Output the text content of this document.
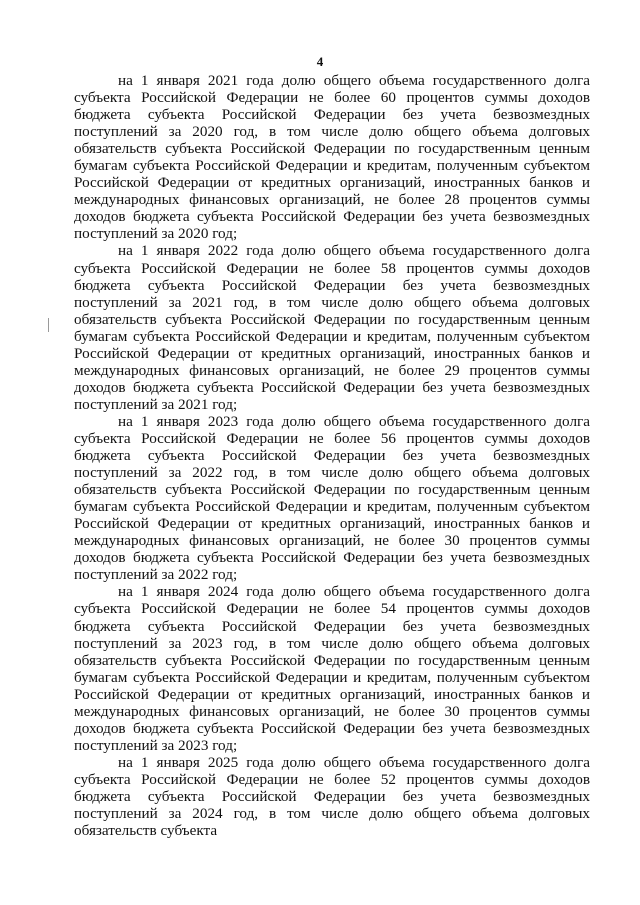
4

на 1 января 2021 года долю общего объема государственного долга субъекта Российской Федерации не более 60 процентов суммы доходов бюджета субъекта Российской Федерации без учета безвозмездных поступлений за 2020 год, в том числе долю общего объема долговых обязательств субъекта Российской Федерации по государственным ценным бумагам субъекта Российской Федерации и кредитам, полученным субъектом Российской Федерации от кредитных организаций, иностранных банков и международных финансовых организаций, не более 28 процентов суммы доходов бюджета субъекта Российской Федерации без учета безвозмездных поступлений за 2020 год;

на 1 января 2022 года долю общего объема государственного долга субъекта Российской Федерации не более 58 процентов суммы доходов бюджета субъекта Российской Федерации без учета безвозмездных поступлений за 2021 год, в том числе долю общего объема долговых обязательств субъекта Российской Федерации по государственным ценным бумагам субъекта Российской Федерации и кредитам, полученным субъектом Российской Федерации от кредитных организаций, иностранных банков и международных финансовых организаций, не более 29 процентов суммы доходов бюджета субъекта Российской Федерации без учета безвозмездных поступлений за 2021 год;

на 1 января 2023 года долю общего объема государственного долга субъекта Российской Федерации не более 56 процентов суммы доходов бюджета субъекта Российской Федерации без учета безвозмездных поступлений за 2022 год, в том числе долю общего объема долговых обязательств субъекта Российской Федерации по государственным ценным бумагам субъекта Российской Федерации и кредитам, полученным субъектом Российской Федерации от кредитных организаций, иностранных банков и международных финансовых организаций, не более 30 процентов суммы доходов бюджета субъекта Российской Федерации без учета безвозмездных поступлений за 2022 год;

на 1 января 2024 года долю общего объема государственного долга субъекта Российской Федерации не более 54 процентов суммы доходов бюджета субъекта Российской Федерации без учета безвозмездных поступлений за 2023 год, в том числе долю общего объема долговых обязательств субъекта Российской Федерации по государственным ценным бумагам субъекта Российской Федерации и кредитам, полученным субъектом Российской Федерации от кредитных организаций, иностранных банков и международных финансовых организаций, не более 30 процентов суммы доходов бюджета субъекта Российской Федерации без учета безвозмездных поступлений за 2023 год;

на 1 января 2025 года долю общего объема государственного долга субъекта Российской Федерации не более 52 процентов суммы доходов бюджета субъекта Российской Федерации без учета безвозмездных поступлений за 2024 год, в том числе долю общего объема долговых обязательств субъекта
